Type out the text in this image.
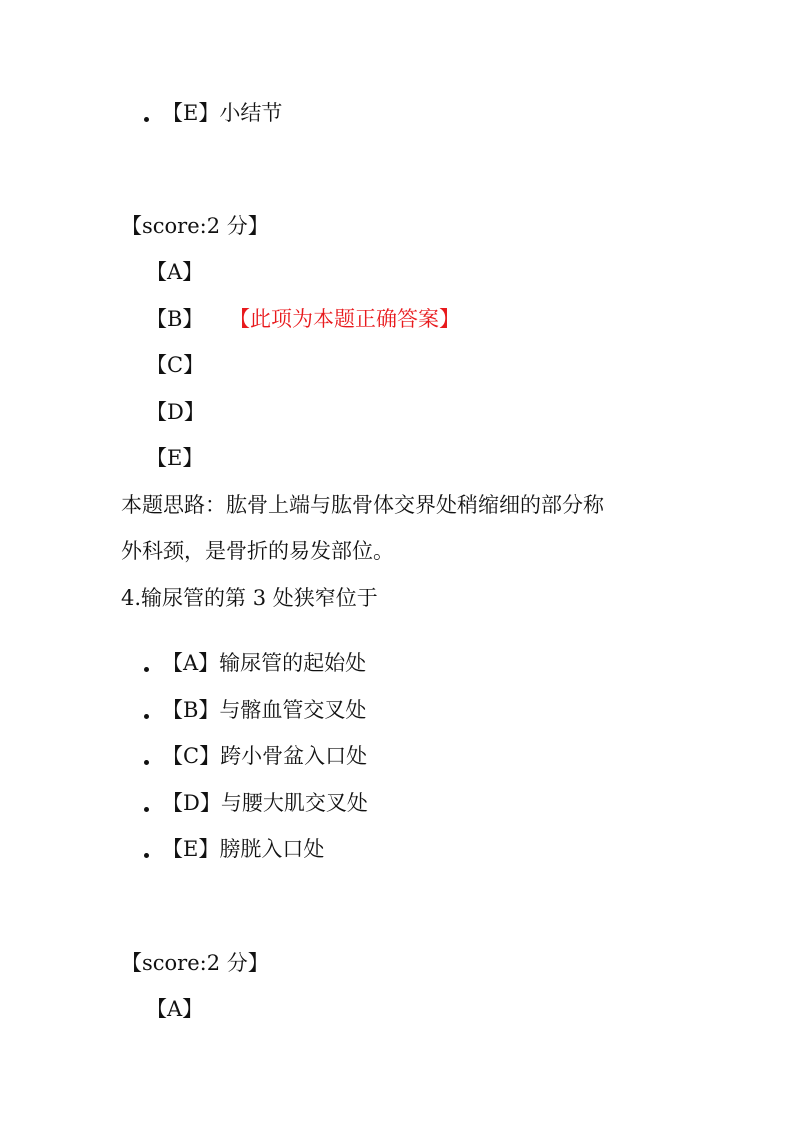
【E】小结节
【score:2 分】
【A】
【B】 【此项为本题正确答案】
【C】
【D】
【E】
本题思路：肱骨上端与肱骨体交界处稍缩细的部分称
外科颈，是骨折的易发部位。
4.输尿管的第 3 处狭窄位于
【A】输尿管的起始处
【B】与髂血管交叉处
【C】跨小骨盆入口处
【D】与腰大肌交叉处
【E】膀胱入口处
【score:2 分】
【A】
